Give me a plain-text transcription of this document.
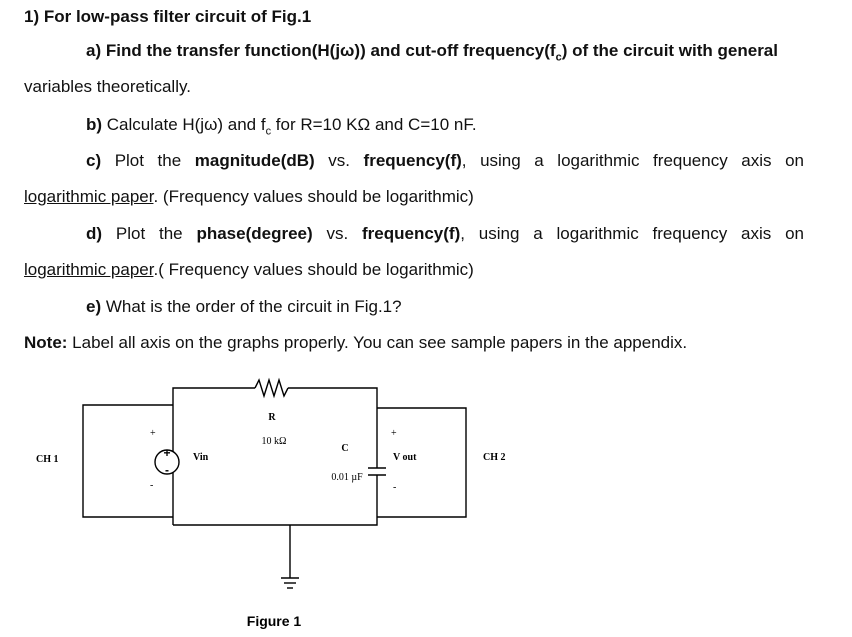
1) For low-pass filter circuit of Fig.1
a) Find the transfer function(H(jω)) and cut-off $frequency(f_c)$ of the circuit with general
variables theoretically.
b) Calculate H(jω) and $f_c$ for R=10 KΩ and C=10 nF.
c) Plot the magnitude(dB) vs. frequency(f), using a logarithmic frequency axis on
logarithmic paper. (Frequency values should be logarithmic)
d) Plot the phase(degree) vs. frequency(f), using a logarithmic frequency axis on
logarithmic paper.( Frequency values should be logarithmic)
e) What is the order of the circuit in Fig.1?
Note: Label all axis on the graphs properly. You can see sample papers in the appendix.
+
-
CH 1	CH 2
+
Vin
-
R
10 kΩ
C
0.01 µF
+
V out
-
Figure 1
